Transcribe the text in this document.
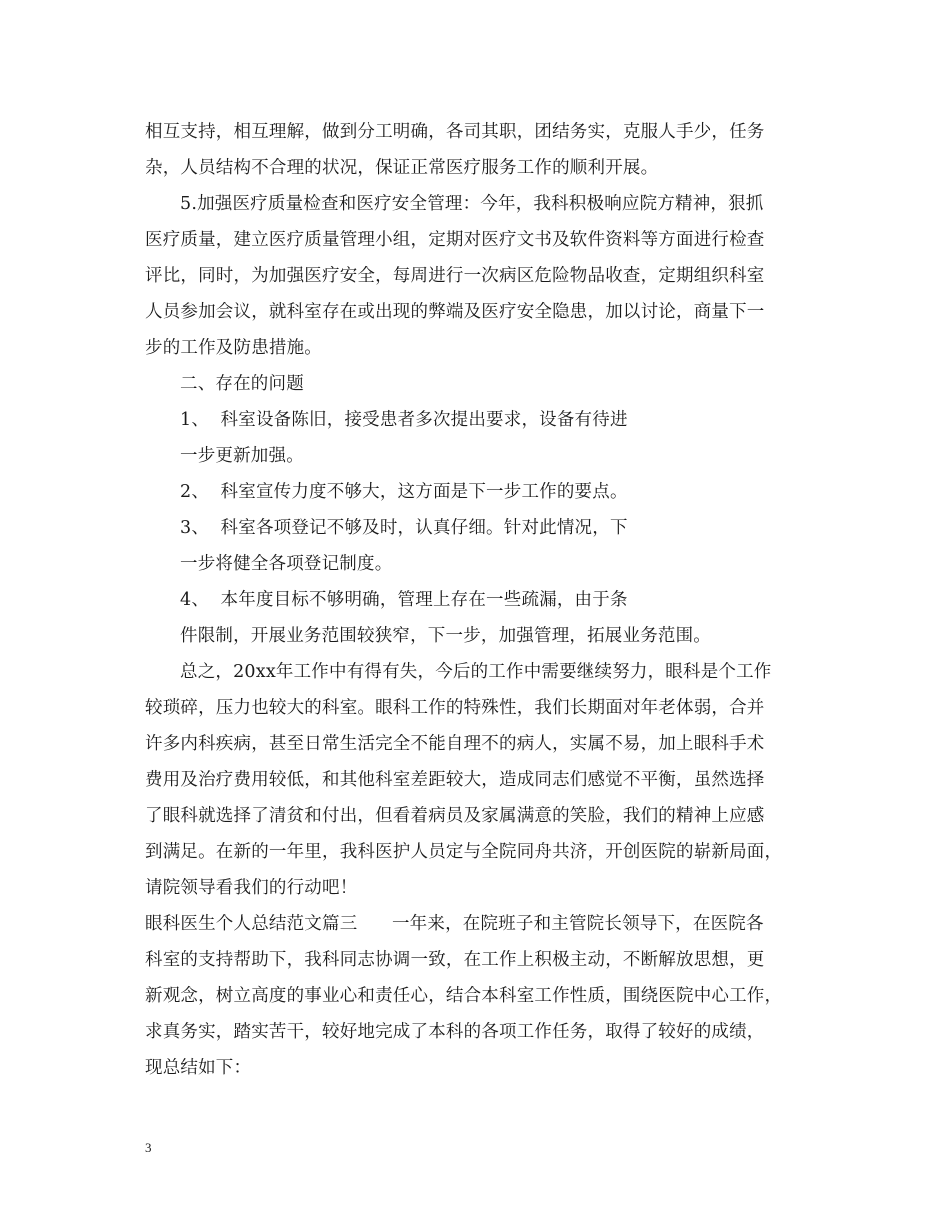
相互支持，相互理解，做到分工明确，各司其职，团结务实，克服人手少，任务
杂，人员结构不合理的状况，保证正常医疗服务工作的顺利开展。
5.加强医疗质量检查和医疗安全管理：今年，我科积极响应院方精神，狠抓
医疗质量，建立医疗质量管理小组，定期对医疗文书及软件资料等方面进行检查
评比，同时，为加强医疗安全，每周进行一次病区危险物品收查，定期组织科室
人员参加会议，就科室存在或出现的弊端及医疗安全隐患，加以讨论，商量下一
步的工作及防患措施。
二、存在的问题
1、  科室设备陈旧，接受患者多次提出要求，设备有待进
一步更新加强。
2、  科室宣传力度不够大，这方面是下一步工作的要点。
3、  科室各项登记不够及时，认真仔细。针对此情况，下
一步将健全各项登记制度。
4、  本年度目标不够明确，管理上存在一些疏漏，由于条
件限制，开展业务范围较狭窄，下一步，加强管理，拓展业务范围。
总之，20xx年工作中有得有失，今后的工作中需要继续努力，眼科是个工作
较琐碎，压力也较大的科室。眼科工作的特殊性，我们长期面对年老体弱，合并
许多内科疾病，甚至日常生活完全不能自理不的病人，实属不易，加上眼科手术
费用及治疗费用较低，和其他科室差距较大，造成同志们感觉不平衡，虽然选择
了眼科就选择了清贫和付出，但看着病员及家属满意的笑脸，我们的精神上应感
到满足。在新的一年里，我科医护人员定与全院同舟共济，开创医院的崭新局面，
请院领导看我们的行动吧！
眼科医生个人总结范文篇三      一年来，在院班子和主管院长领导下，在医院各
科室的支持帮助下，我科同志协调一致，在工作上积极主动，不断解放思想，更
新观念，树立高度的事业心和责任心，结合本科室工作性质，围绕医院中心工作，
求真务实，踏实苦干，较好地完成了本科的各项工作任务，取得了较好的成绩，
现总结如下：
3
